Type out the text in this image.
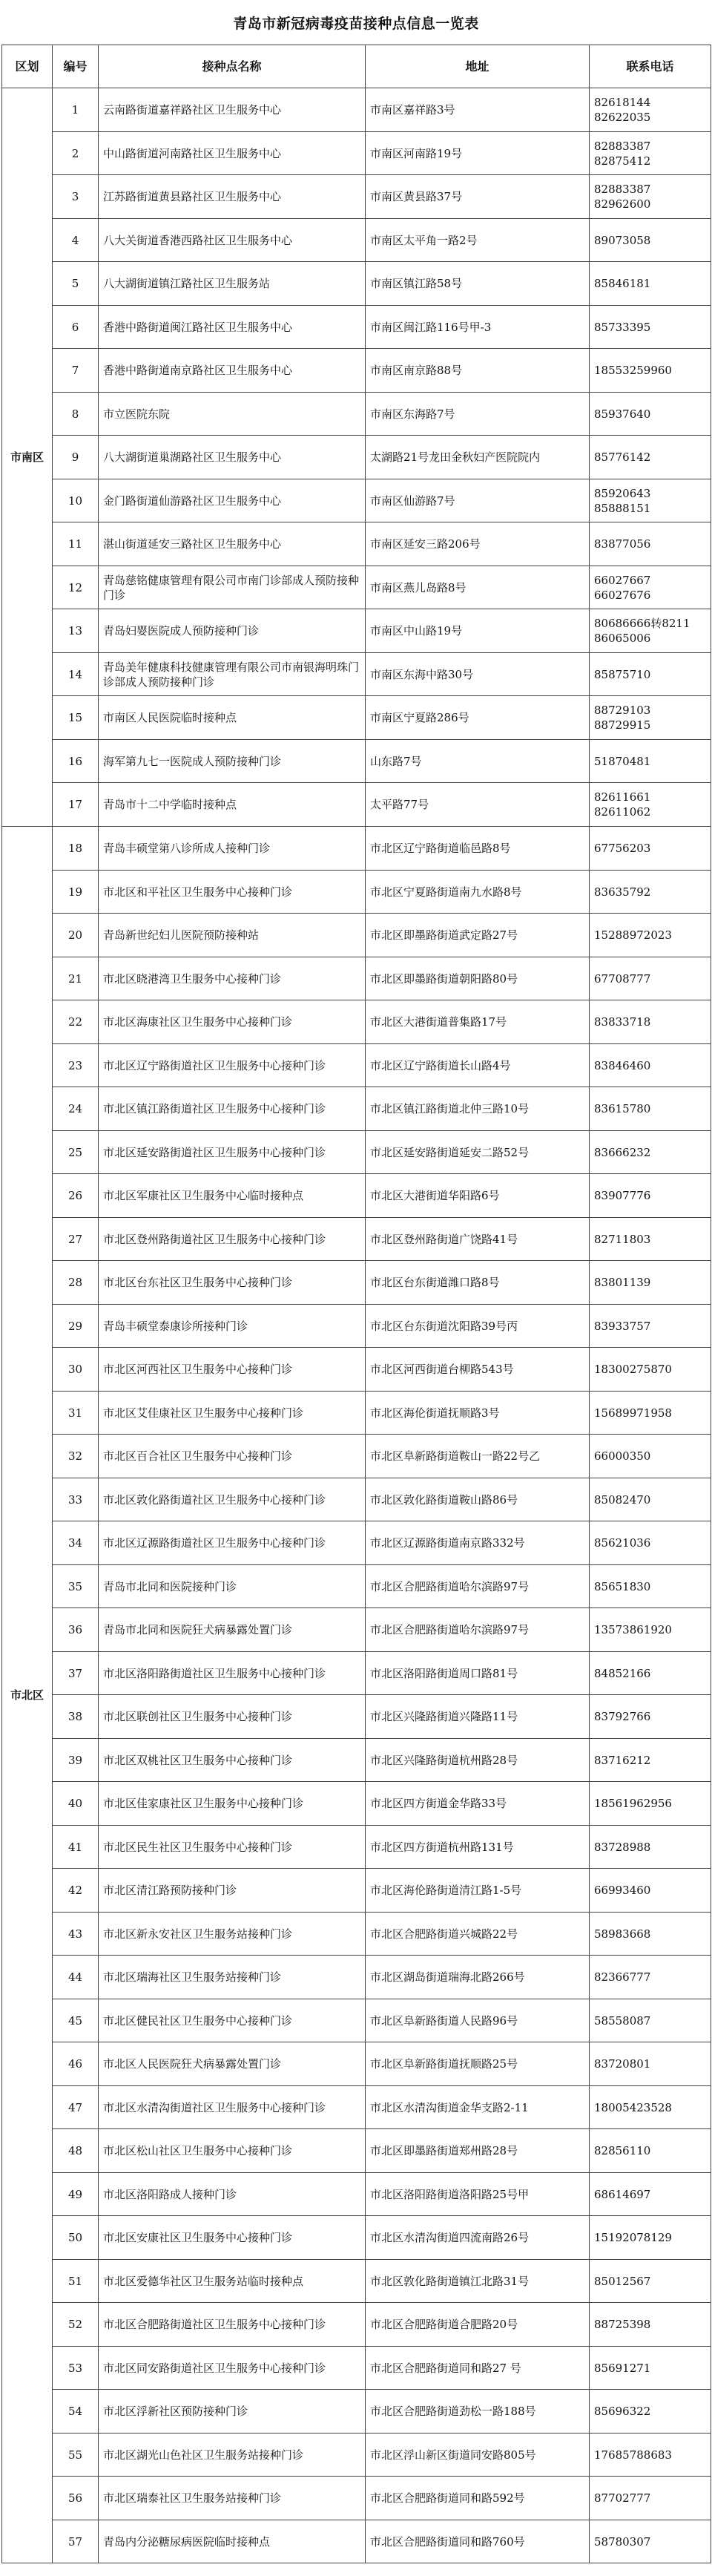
青岛市新冠病毒疫苗接种点信息一览表
区划	编号	接种点名称	地址	联系电话
市南区	1	云南路街道嘉祥路社区卫生服务中心	市南区嘉祥路3号	82618144
82622035

	2	中山路街道河南路社区卫生服务中心	市南区河南路19号	82883387
82875412

	3	江苏路街道黄县路社区卫生服务中心	市南区黄县路37号	82883387
82962600

	4	八大关街道香港西路社区卫生服务中心	市南区太平角一路2号	89073058

	5	八大湖街道镇江路社区卫生服务站	市南区镇江路58号	85846181

	6	香港中路街道闽江路社区卫生服务中心	市南区闽江路116号甲-3	85733395

	7	香港中路街道南京路社区卫生服务中心	市南区南京路88号	18553259960

	8	市立医院东院	市南区东海路7号	85937640

	9	八大湖街道巢湖路社区卫生服务中心	太湖路21号龙田金秋妇产医院院内	85776142

	10	金门路街道仙游路社区卫生服务中心	市南区仙游路7号	85920643
85888151

	11	湛山街道延安三路社区卫生服务中心	市南区延安三路206号	83877056

	12	青岛慈铭健康管理有限公司市南门诊部成人预防接种门诊	市南区燕儿岛路8号	66027667
66027676

	13	青岛妇婴医院成人预防接种门诊	市南区中山路19号	80686666转8211
86065006

	14	青岛美年健康科技健康管理有限公司市南银海明珠门诊部成人预防接种门诊	市南区东海中路30号	85875710

	15	市南区人民医院临时接种点	市南区宁夏路286号	88729103
88729915

	16	海军第九七一医院成人预防接种门诊	山东路7号	51870481

	17	青岛市十二中学临时接种点	太平路77号	82611661
82611062

市北区	18	青岛丰硕堂第八诊所成人接种门诊	市北区辽宁路街道临邑路8号	67756203

	19	市北区和平社区卫生服务中心接种门诊	市北区宁夏路街道南九水路8号	83635792

	20	青岛新世纪妇儿医院预防接种站	市北区即墨路街道武定路27号	15288972023

	21	市北区晓港湾卫生服务中心接种门诊	市北区即墨路街道朝阳路80号	67708777

	22	市北区海康社区卫生服务中心接种门诊	市北区大港街道普集路17号	83833718

	23	市北区辽宁路街道社区卫生服务中心接种门诊	市北区辽宁路街道长山路4号	83846460

	24	市北区镇江路街道社区卫生服务中心接种门诊	市北区镇江路街道北仲三路10号	83615780

	25	市北区延安路街道社区卫生服务中心接种门诊	市北区延安路街道延安二路52号	83666232

	26	市北区军康社区卫生服务中心临时接种点	市北区大港街道华阳路6号	83907776

	27	市北区登州路街道社区卫生服务中心接种门诊	市北区登州路街道广饶路41号	82711803

	28	市北区台东社区卫生服务中心接种门诊	市北区台东街道潍口路8号	83801139

	29	青岛丰硕堂泰康诊所接种门诊	市北区台东街道沈阳路39号丙	83933757

	30	市北区河西社区卫生服务中心接种门诊	市北区河西街道台柳路543号	18300275870

	31	市北区艾佳康社区卫生服务中心接种门诊	市北区海伦街道抚顺路3号	15689971958

	32	市北区百合社区卫生服务中心接种门诊	市北区阜新路街道鞍山一路22号乙	66000350

	33	市北区敦化路街道社区卫生服务中心接种门诊	市北区敦化路街道鞍山路86号	85082470

	34	市北区辽源路街道社区卫生服务中心接种门诊	市北区辽源路街道南京路332号	85621036

	35	青岛市北同和医院接种门诊	市北区合肥路街道哈尔滨路97号	85651830

	36	青岛市北同和医院狂犬病暴露处置门诊	市北区合肥路街道哈尔滨路97号	13573861920

	37	市北区洛阳路街道社区卫生服务中心接种门诊	市北区洛阳路街道周口路81号	84852166

	38	市北区联创社区卫生服务中心接种门诊	市北区兴隆路街道兴隆路11号	83792766

	39	市北区双桃社区卫生服务中心接种门诊	市北区兴隆路街道杭州路28号	83716212

	40	市北区佳家康社区卫生服务中心接种门诊	市北区四方街道金华路33号	18561962956

	41	市北区民生社区卫生服务中心接种门诊	市北区四方街道杭州路131号	83728988

	42	市北区清江路预防接种门诊	市北区海伦路街道清江路1-5号	66993460

	43	市北区新永安社区卫生服务站接种门诊	市北区合肥路街道兴城路22号	58983668

	44	市北区瑞海社区卫生服务站接种门诊	市北区湖岛街道瑞海北路266号	82366777

	45	市北区健民社区卫生服务中心接种门诊	市北区阜新路街道人民路96号	58558087

	46	市北区人民医院狂犬病暴露处置门诊	市北区阜新路街道抚顺路25号	83720801

	47	市北区水清沟街道社区卫生服务中心接种门诊	市北区水清沟街道金华支路2-11	18005423528

	48	市北区松山社区卫生服务中心接种门诊	市北区即墨路街道郑州路28号	82856110

	49	市北区洛阳路成人接种门诊	市北区洛阳路街道洛阳路25号甲	68614697

	50	市北区安康社区卫生服务中心接种门诊	市北区水清沟街道四流南路26号	15192078129

	51	市北区爱德华社区卫生服务站临时接种点	市北区敦化路街道镇江北路31号	85012567

	52	市北区合肥路街道社区卫生服务中心接种门诊	市北区合肥路街道合肥路20号	88725398

	53	市北区同安路街道社区卫生服务中心接种门诊	市北区合肥路街道同和路27 号	85691271

	54	市北区浮新社区预防接种门诊	市北区合肥路街道劲松一路188号	85696322

	55	市北区湖光山色社区卫生服务站接种门诊	市北区浮山新区街道同安路805号	17685788683

	56	市北区瑞泰社区卫生服务站接种门诊	市北区合肥路街道同和路592号	87702777

	57	青岛内分泌糖尿病医院临时接种点	市北区合肥路街道同和路760号	58780307
